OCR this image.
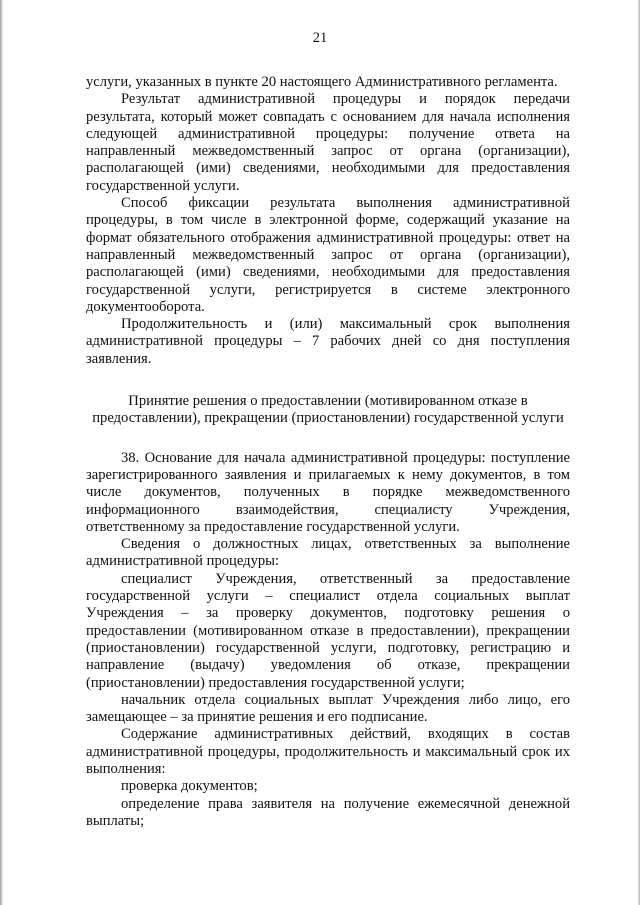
21

услуги, указанных в пункте 20 настоящего Административного регламента.

Результат административной процедуры и порядок передачи результата, который может совпадать с основанием для начала исполнения следующей административной процедуры: получение ответа на направленный межведомственный запрос от органа (организации), располагающей (ими) сведениями, необходимыми для предоставления государственной услуги.

Способ фиксации результата выполнения административной процедуры, в том числе в электронной форме, содержащий указание на формат обязательного отображения административной процедуры: ответ на направленный межведомственный запрос от органа (организации), располагающей (ими) сведениями, необходимыми для предоставления государственной услуги, регистрируется в системе электронного документооборота.

Продолжительность и (или) максимальный срок выполнения административной процедуры – 7 рабочих дней со дня поступления заявления.

Принятие решения о предоставлении (мотивированном отказе в предоставлении), прекращении (приостановлении) государственной услуги

38. Основание для начала административной процедуры: поступление зарегистрированного заявления и прилагаемых к нему документов, в том числе документов, полученных в порядке межведомственного информационного взаимодействия, специалисту Учреждения, ответственному за предоставление государственной услуги.

Сведения о должностных лицах, ответственных за выполнение административной процедуры:

специалист Учреждения, ответственный за предоставление государственной услуги – специалист отдела социальных выплат Учреждения – за проверку документов, подготовку решения о предоставлении (мотивированном отказе в предоставлении), прекращении (приостановлении) государственной услуги, подготовку, регистрацию и направление (выдачу) уведомления об отказе, прекращении (приостановлении) предоставления государственной услуги;

начальник отдела социальных выплат Учреждения либо лицо, его замещающее – за принятие решения и его подписание.

Содержание административных действий, входящих в состав административной процедуры, продолжительность и максимальный срок их выполнения:

проверка документов;

определение права заявителя на получение ежемесячной денежной выплаты;
